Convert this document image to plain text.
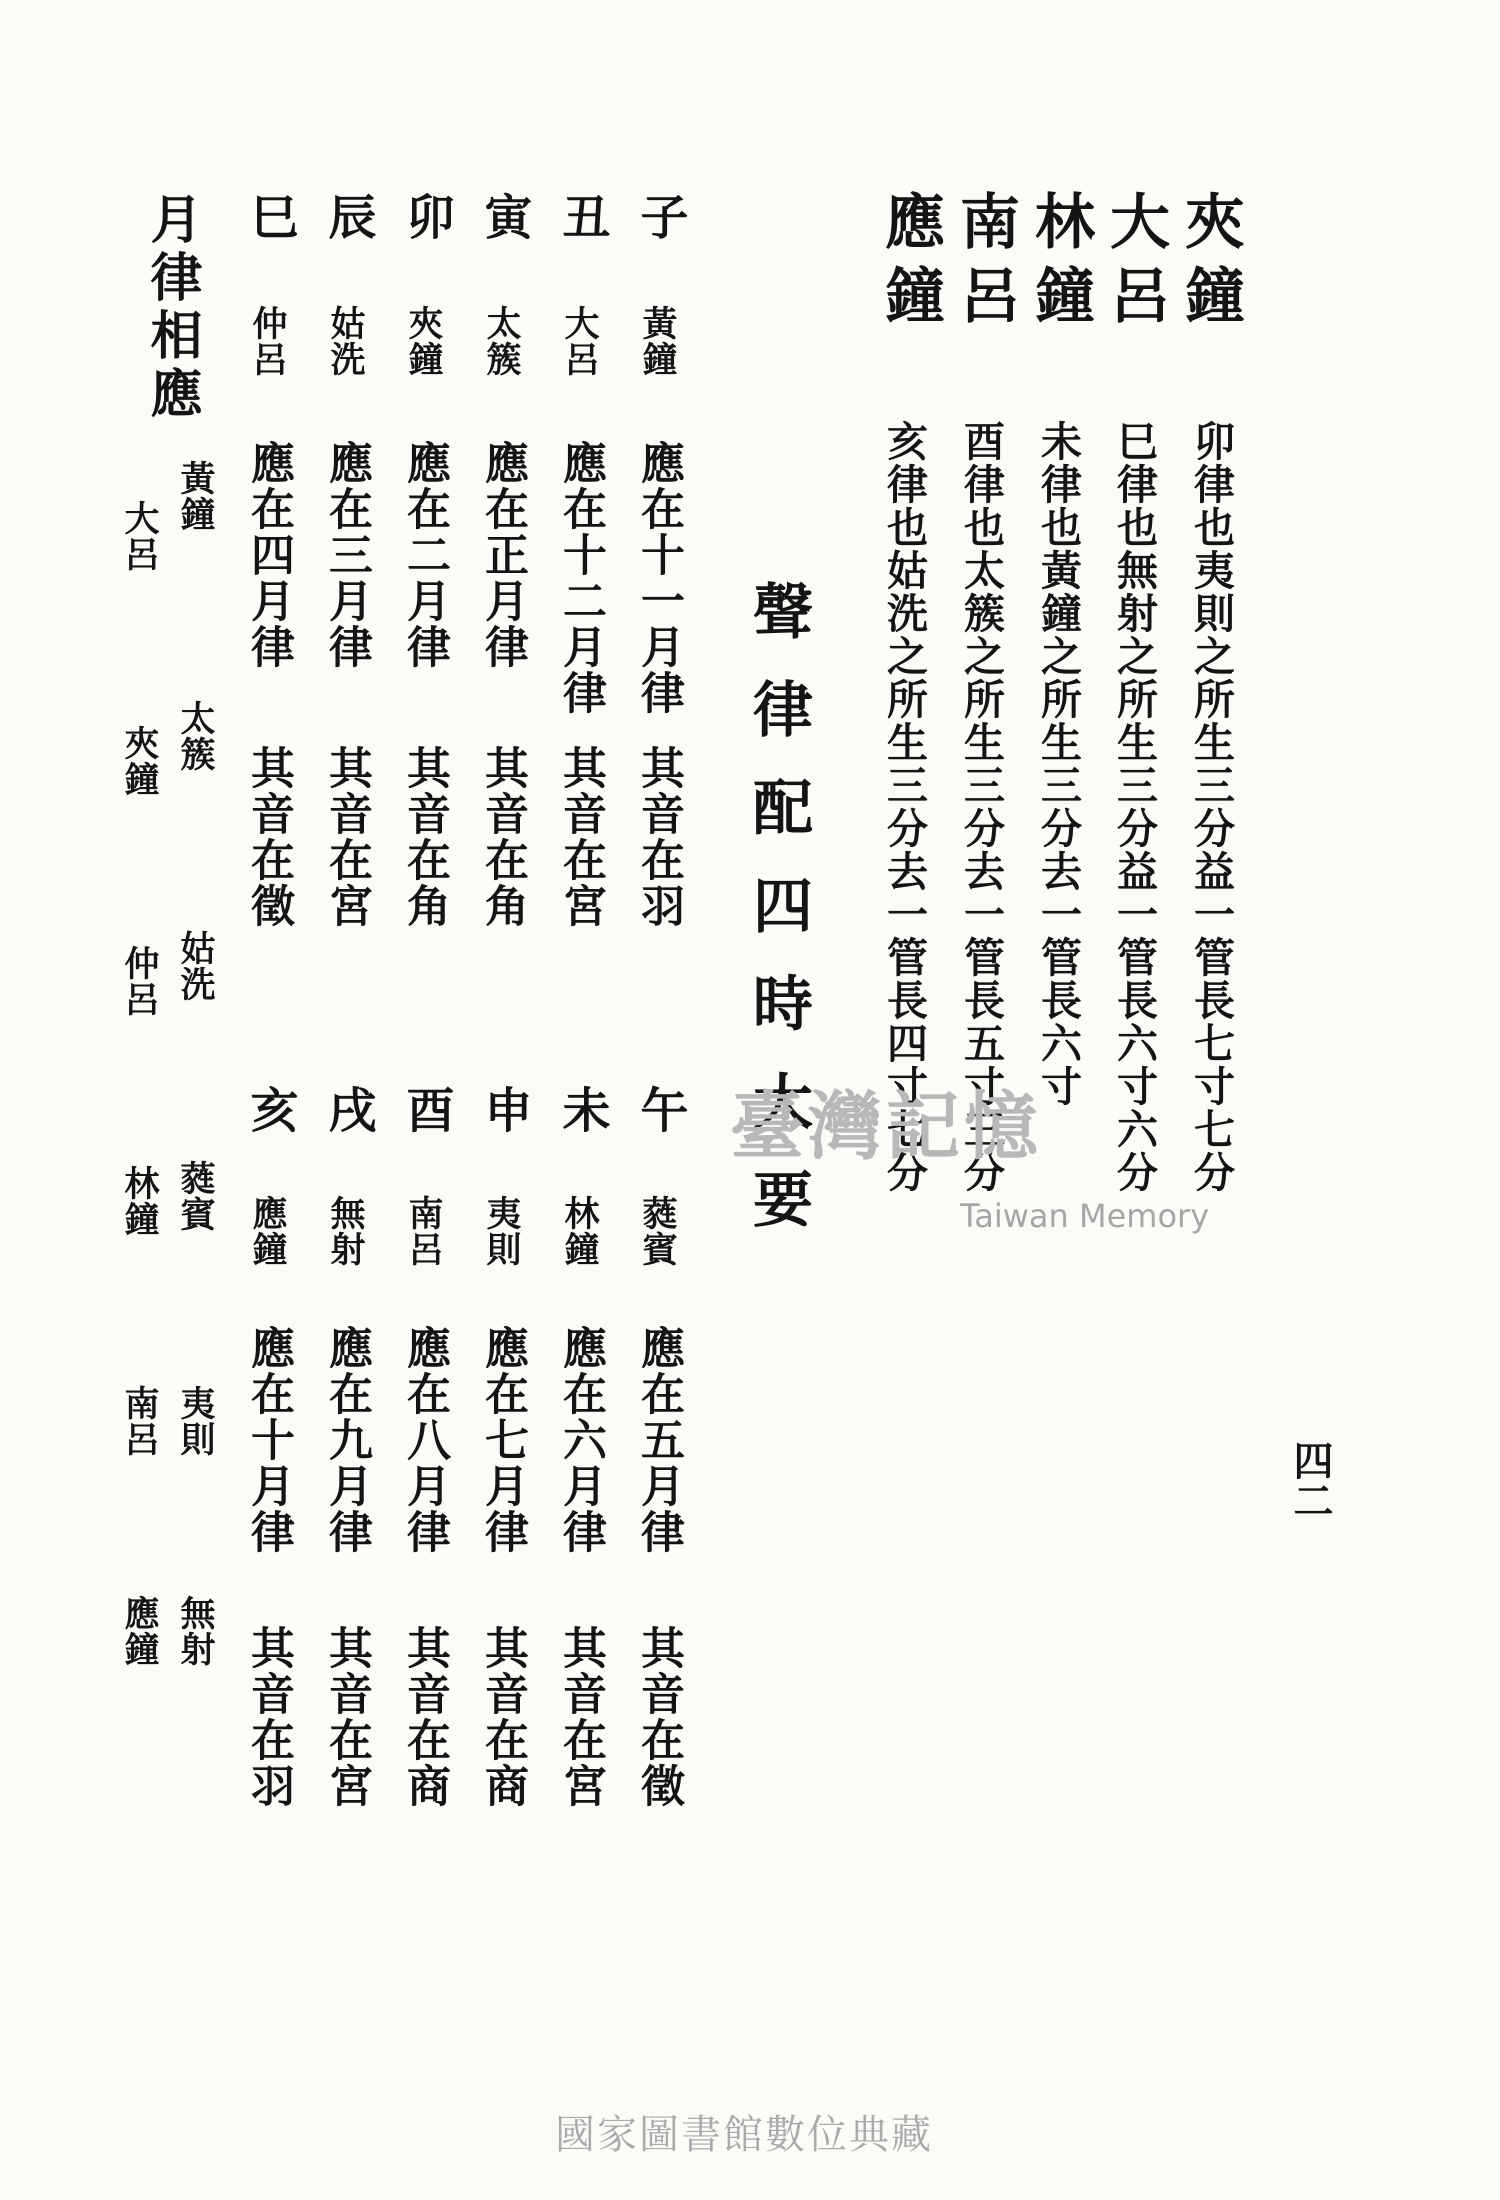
夾鐘
卯律也夷則之所生三分益一管長七寸七分
大呂
巳律也無射之所生三分益一管長六寸六分
林鐘
未律也黃鐘之所生三分去一管長六寸
南呂
酉律也太簇之所生三分去一管長五寸三分
應鐘
亥律也姑洗之所生三分去一管長四寸七分
聲律配四時大要
臺灣記憶
Taiwan Memory
四二
子
黃鐘
應在十一月律
其音在羽
丑
大呂
應在十二月律
其音在宮
寅
太簇
應在正月律
其音在角
卯
夾鐘
應在二月律
其音在角
辰
姑洗
應在三月律
其音在宮
巳
仲呂
應在四月律
其音在徵
午
蕤賓
應在五月律
其音在徵
未
林鐘
應在六月律
其音在宮
申
夷則
應在七月律
其音在商
酉
南呂
應在八月律
其音在商
戌
無射
應在九月律
其音在宮
亥
應鐘
應在十月律
其音在羽
月律相應
黃鐘
太簇
姑洗
蕤賓
夷則
無射
大呂
夾鐘
仲呂
林鐘
南呂
應鐘
國家圖書館數位典藏
